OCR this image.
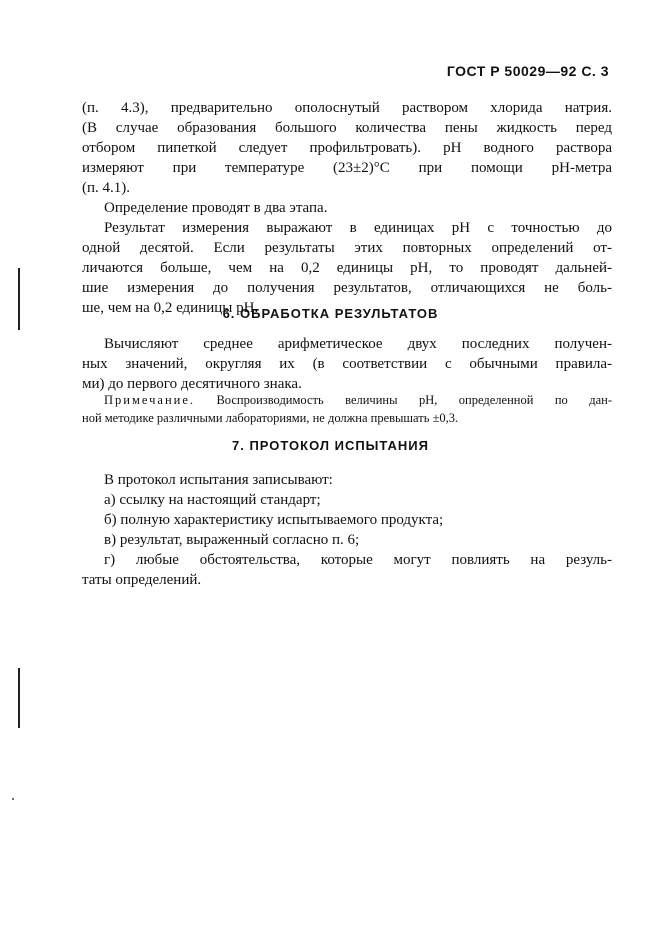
ГОСТ Р 50029—92 С. 3
(п. 4.3), предварительно ополоснутый раствором хлорида натрия.
(В случае образования большого количества пены жидкость перед
отбором пипеткой следует профильтровать). pH водного раствора
измеряют при температуре (23±2)°С при помощи pH-метра
(п. 4.1).
Определение проводят в два этапа.
Результат измерения выражают в единицах pH с точностью до
одной десятой. Если результаты этих повторных определений от-
личаются больше, чем на 0,2 единицы pH, то проводят дальней-
шие измерения до получения результатов, отличающихся не боль-
ше, чем на 0,2 единицы pH.
6. ОБРАБОТКА РЕЗУЛЬТАТОВ
Вычисляют среднее арифметическое двух последних получен-
ных значений, округляя их (в соответствии с обычными правила-
ми) до первого десятичного знака.
Примечание. Воспроизводимость величины pH, определенной по дан-
ной методике различными лабораториями, не должна превышать ±0,3.
7. ПРОТОКОЛ ИСПЫТАНИЯ
В протокол испытания записывают:
а) ссылку на настоящий стандарт;
б) полную характеристику испытываемого продукта;
в) результат, выраженный согласно п. 6;
г) любые обстоятельства, которые могут повлиять на резуль-
таты определений.
